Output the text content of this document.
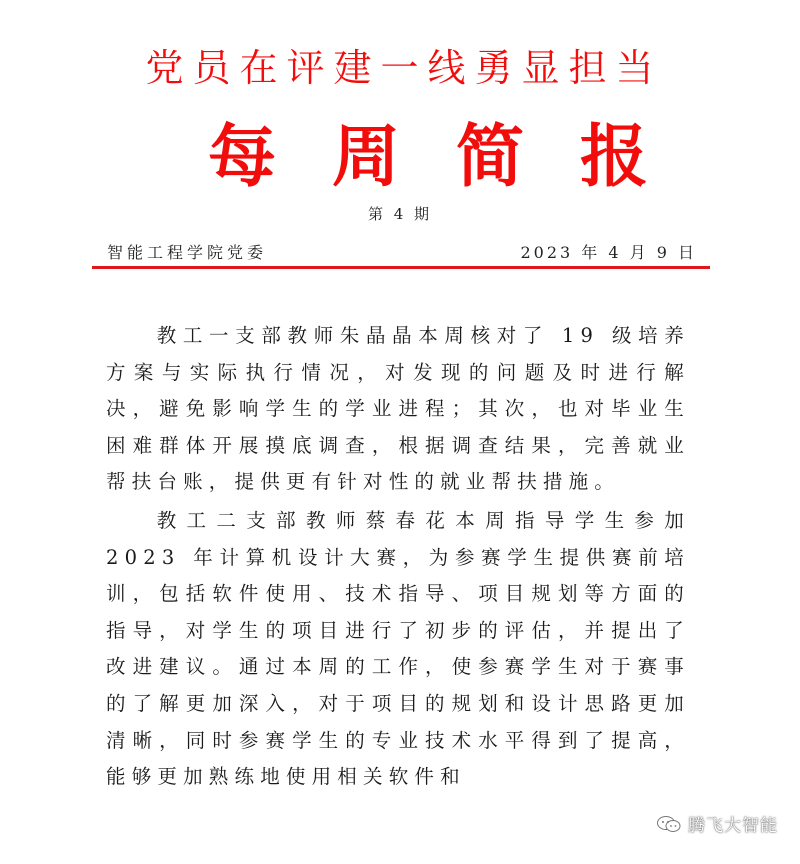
党员在评建一线勇显担当
每周简报
第 4 期
智能工程学院党委	2023 年 4 月 9 日

教工一支部教师朱晶晶本周核对了 19 级培养方案与实际执行情况，对发现的问题及时进行解决，避免影响学生的学业进程；其次，也对毕业生困难群体开展摸底调查，根据调查结果，完善就业帮扶台账，提供更有针对性的就业帮扶措施。

教工二支部教师蔡春花本周指导学生参加2023 年计算机设计大赛，为参赛学生提供赛前培训，包括软件使用、技术指导、项目规划等方面的指导，对学生的项目进行了初步的评估，并提出了改进建议。通过本周的工作，使参赛学生对于赛事的了解更加深入，对于项目的规划和设计思路更加清晰，同时参赛学生的专业技术水平得到了提高，能够更加熟练地使用相关软件和

腾飞大智能
